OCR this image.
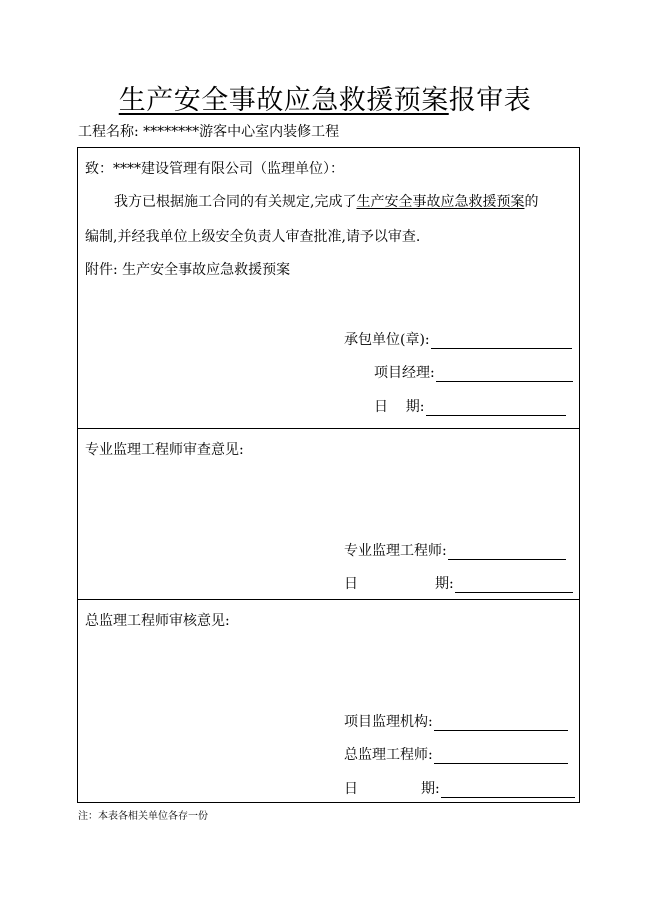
生产安全事故应急救援预案报审表
工程名称: ********游客中心室内装修工程
致：****建设管理有限公司（监理单位）：
我方已根据施工合同的有关规定,完成了生产安全事故应急救援预案的
编制,并经我单位上级安全负责人审查批准,请予以审查.
附件: 生产安全事故应急救援预案
承包单位(章):
项目经理:
日    期:
专业监理工程师审查意见:
专业监理工程师:
日	期:
总监理工程师审核意见:
项目监理机构:
总监理工程师:
日	期:
注：本表各相关单位各存一份
